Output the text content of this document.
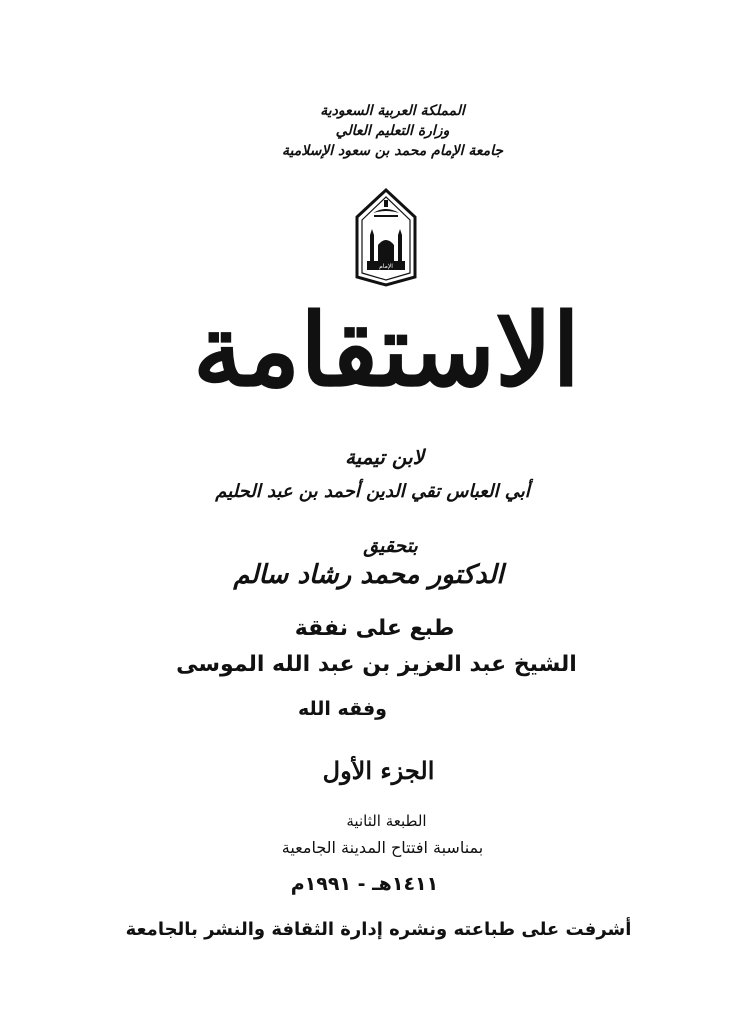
المملكة العربية السعودية
وزارة التعليم العالي
جامعة الإمام محمد بن سعود الإسلامية
الإمام
الاستقامة
لابن تيمية
أبي العباس تقي الدين أحمد بن عبد الحليم
بتحقيق
الدكتور محمد رشاد سالم
طبع على نفقة
الشيخ عبد العزيز بن عبد الله الموسى
وفقه الله
الجزء الأول
الطبعة الثانية
بمناسبة افتتاح المدينة الجامعية
١٤١١هـ - ١٩٩١م
أشرفت على طباعته ونشره إدارة الثقافة والنشر بالجامعة
